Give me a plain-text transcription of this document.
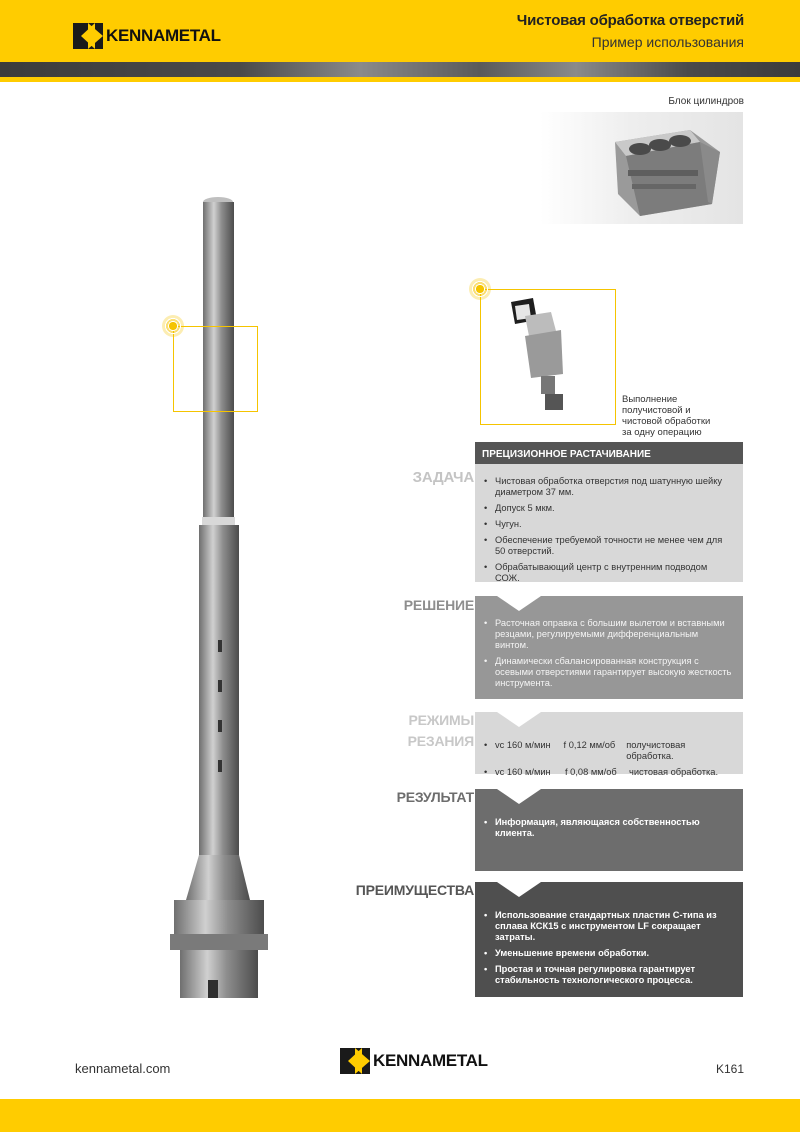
KENNAMETAL
Чистовая обработка отверстий
Пример использования
Блок цилиндров
Выполнение получистовой и чистовой обработки за одну операцию
ПРЕЦИЗИОННОЕ РАСТАЧИВАНИЕ
ЗАДАЧА	• Чистовая обработка отверстия под шатунную шейку диаметром 37 мм.
• Допуск 5 мкм.
• Чугун.
• Обеспечение требуемой точности не менее чем для 50 отверстий.
• Обрабатывающий центр с внутренним подводом СОЖ.
РЕШЕНИЕ
• Расточная оправка с большим вылетом и вставными резцами, регулируемыми дифференциальным винтом.
• Динамически сбалансированная конструкция с осевыми отверстиями гарантирует высокую жесткость инструмента.
РЕЖИМЫ
РЕЗАНИЯ • vc 160 м/мин	f 0,12 мм/об	получистовая обработка.
• vc 160 м/мин	f 0,08 мм/об	чистовая обработка.
РЕЗУЛЬТАТ
• Информация, являющаяся собственностью клиента.
ПРЕИМУЩЕСТВА
• Использование стандартных пластин С-типа из сплава КСК15 с инструментом LF сокращает затраты.
• Уменьшение времени обработки.
• Простая и точная регулировка гарантирует стабильность технологического процесса.
kennametal.com	KENNAMETAL	K161
